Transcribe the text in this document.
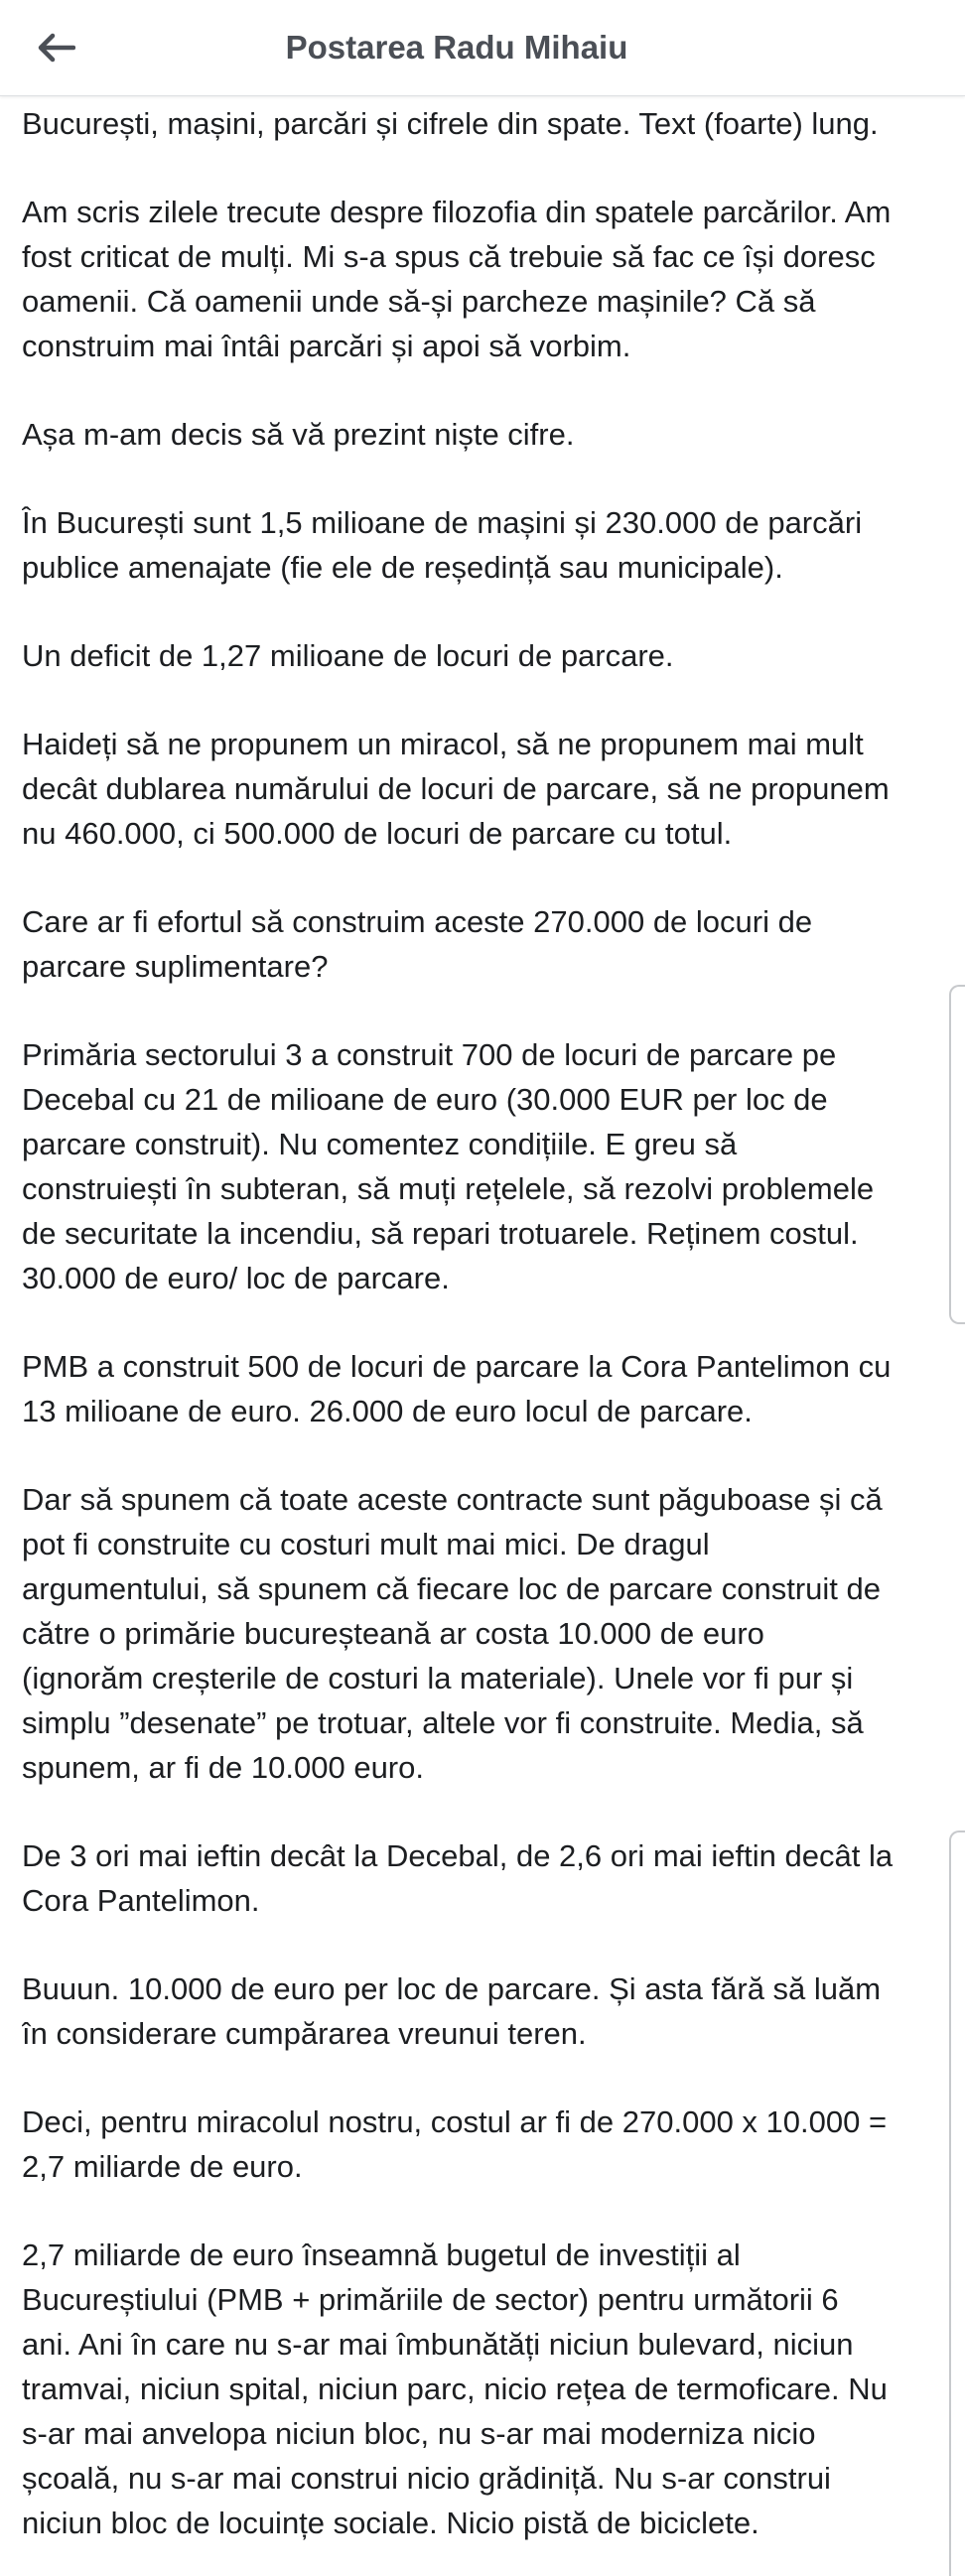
Postarea Radu Mihaiu

București, mașini, parcări și cifrele din spate. Text (foarte) lung.

Am scris zilele trecute despre filozofia din spatele parcărilor. Am
fost criticat de mulți. Mi s-a spus că trebuie să fac ce își doresc
oamenii. Că oamenii unde să-și parcheze mașinile? Că să
construim mai întâi parcări și apoi să vorbim.

Așa m-am decis să vă prezint niște cifre.

În București sunt 1,5 milioane de mașini și 230.000 de parcări
publice amenajate (fie ele de reședință sau municipale).

Un deficit de 1,27 milioane de locuri de parcare.

Haideți să ne propunem un miracol, să ne propunem mai mult
decât dublarea numărului de locuri de parcare, să ne propunem
nu 460.000, ci 500.000 de locuri de parcare cu totul.

Care ar fi efortul să construim aceste 270.000 de locuri de
parcare suplimentare?

Primăria sectorului 3 a construit 700 de locuri de parcare pe
Decebal cu 21 de milioane de euro (30.000 EUR per loc de
parcare construit). Nu comentez condițiile. E greu să
construiești în subteran, să muți rețelele, să rezolvi problemele
de securitate la incendiu, să repari trotuarele. Reținem costul.
30.000 de euro/ loc de parcare.

PMB a construit 500 de locuri de parcare la Cora Pantelimon cu
13 milioane de euro. 26.000 de euro locul de parcare.

Dar să spunem că toate aceste contracte sunt păguboase și că
pot fi construite cu costuri mult mai mici. De dragul
argumentului, să spunem că fiecare loc de parcare construit de
către o primărie bucureșteană ar costa 10.000 de euro
(ignorăm creșterile de costuri la materiale). Unele vor fi pur și
simplu ”desenate” pe trotuar, altele vor fi construite. Media, să
spunem, ar fi de 10.000 euro.

De 3 ori mai ieftin decât la Decebal, de 2,6 ori mai ieftin decât la
Cora Pantelimon.

Buuun. 10.000 de euro per loc de parcare. Și asta fără să luăm
în considerare cumpărarea vreunui teren.

Deci, pentru miracolul nostru, costul ar fi de 270.000 x 10.000 =
2,7 miliarde de euro.

2,7 miliarde de euro înseamnă bugetul de investiții al
Bucureștiului (PMB + primăriile de sector) pentru următorii 6
ani. Ani în care nu s-ar mai îmbunătăți niciun bulevard, niciun
tramvai, niciun spital, niciun parc, nicio rețea de termoficare. Nu
s-ar mai anvelopa niciun bloc, nu s-ar mai moderniza nicio
școală, nu s-ar mai construi nicio grădiniță. Nu s-ar construi
niciun bloc de locuințe sociale. Nicio pistă de biciclete.
